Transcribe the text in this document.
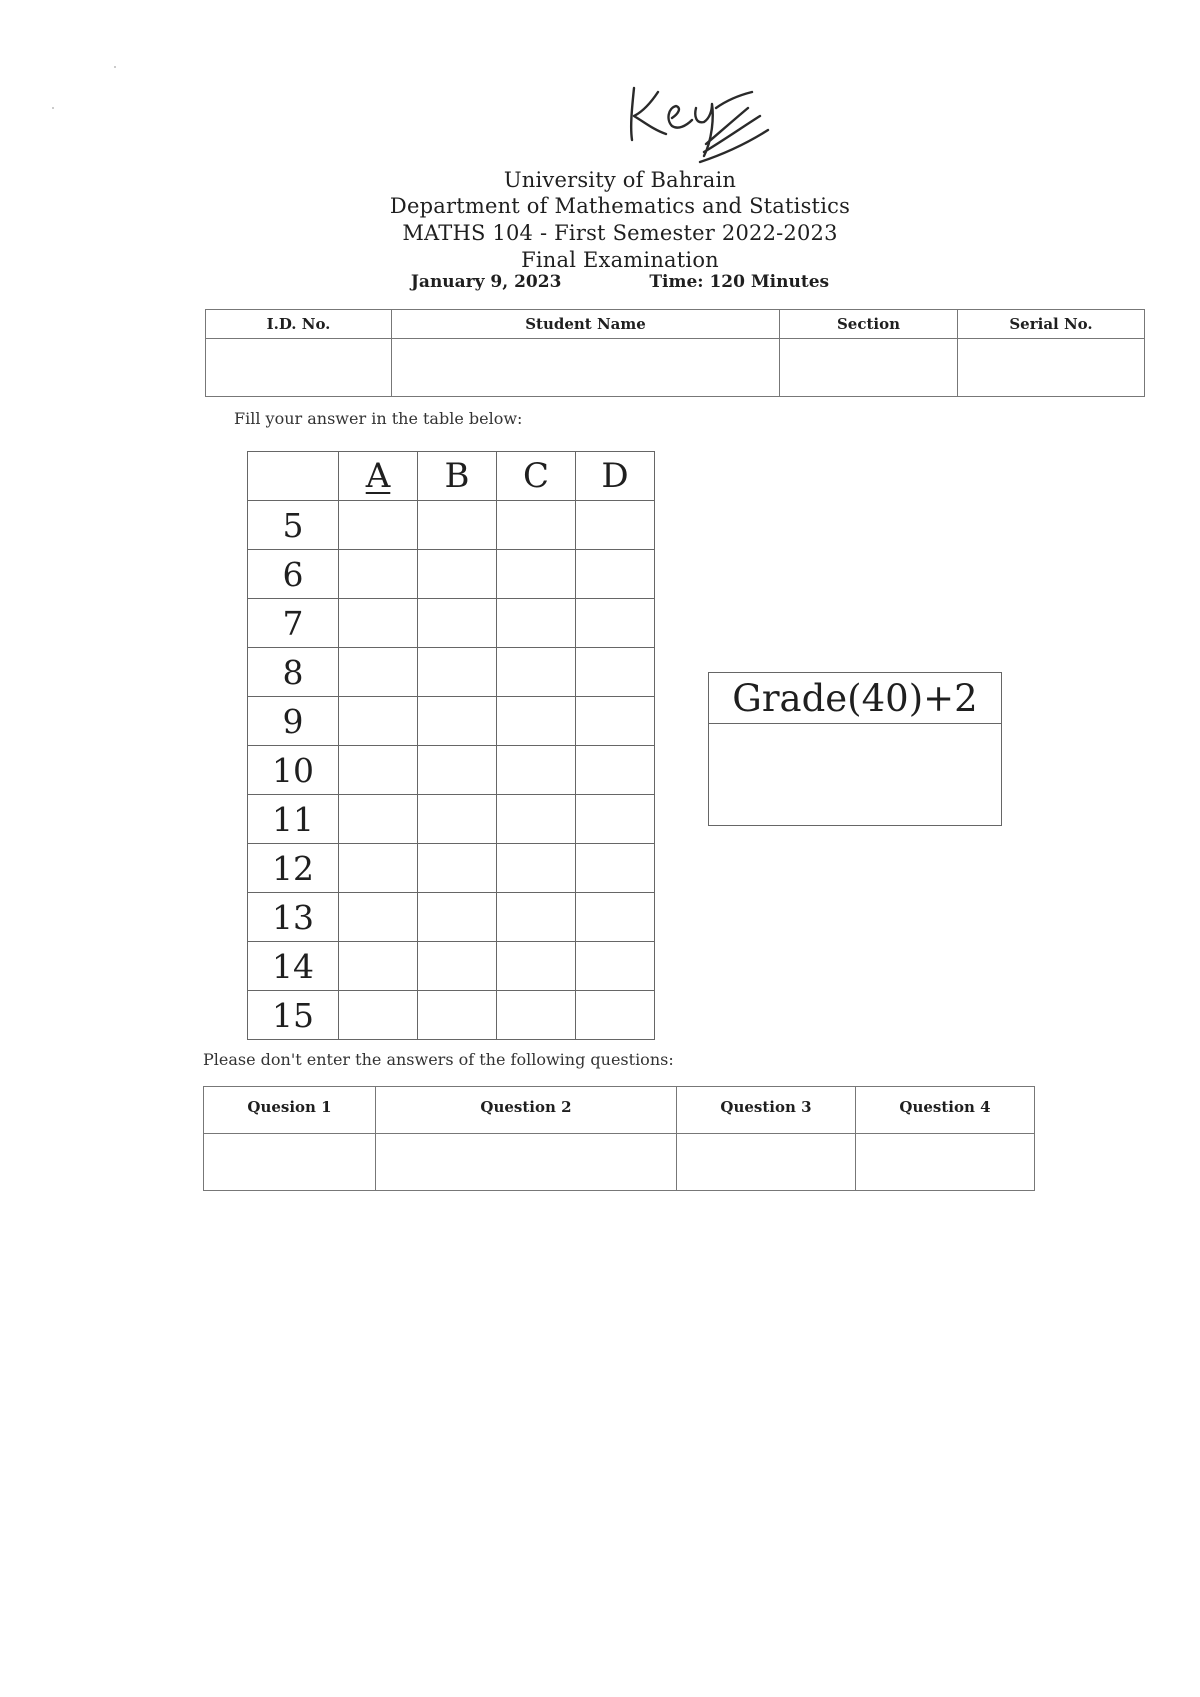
University of Bahrain
Department of Mathematics and Statistics
MATHS 104 - First Semester 2022-2023
Final Examination
January 9, 2023	Time: 120 Minutes
I.D. No.	Student Name	Section	Serial No.

Fill your answer in the table below:
	A	B	C	D
5				
6				
7				
8				
9				
10				
11				
12				
13				
14				
15				
Grade(40)+2
Please don't enter the answers of the following questions:
Quesion 1	Question 2	Question 3	Question 4
